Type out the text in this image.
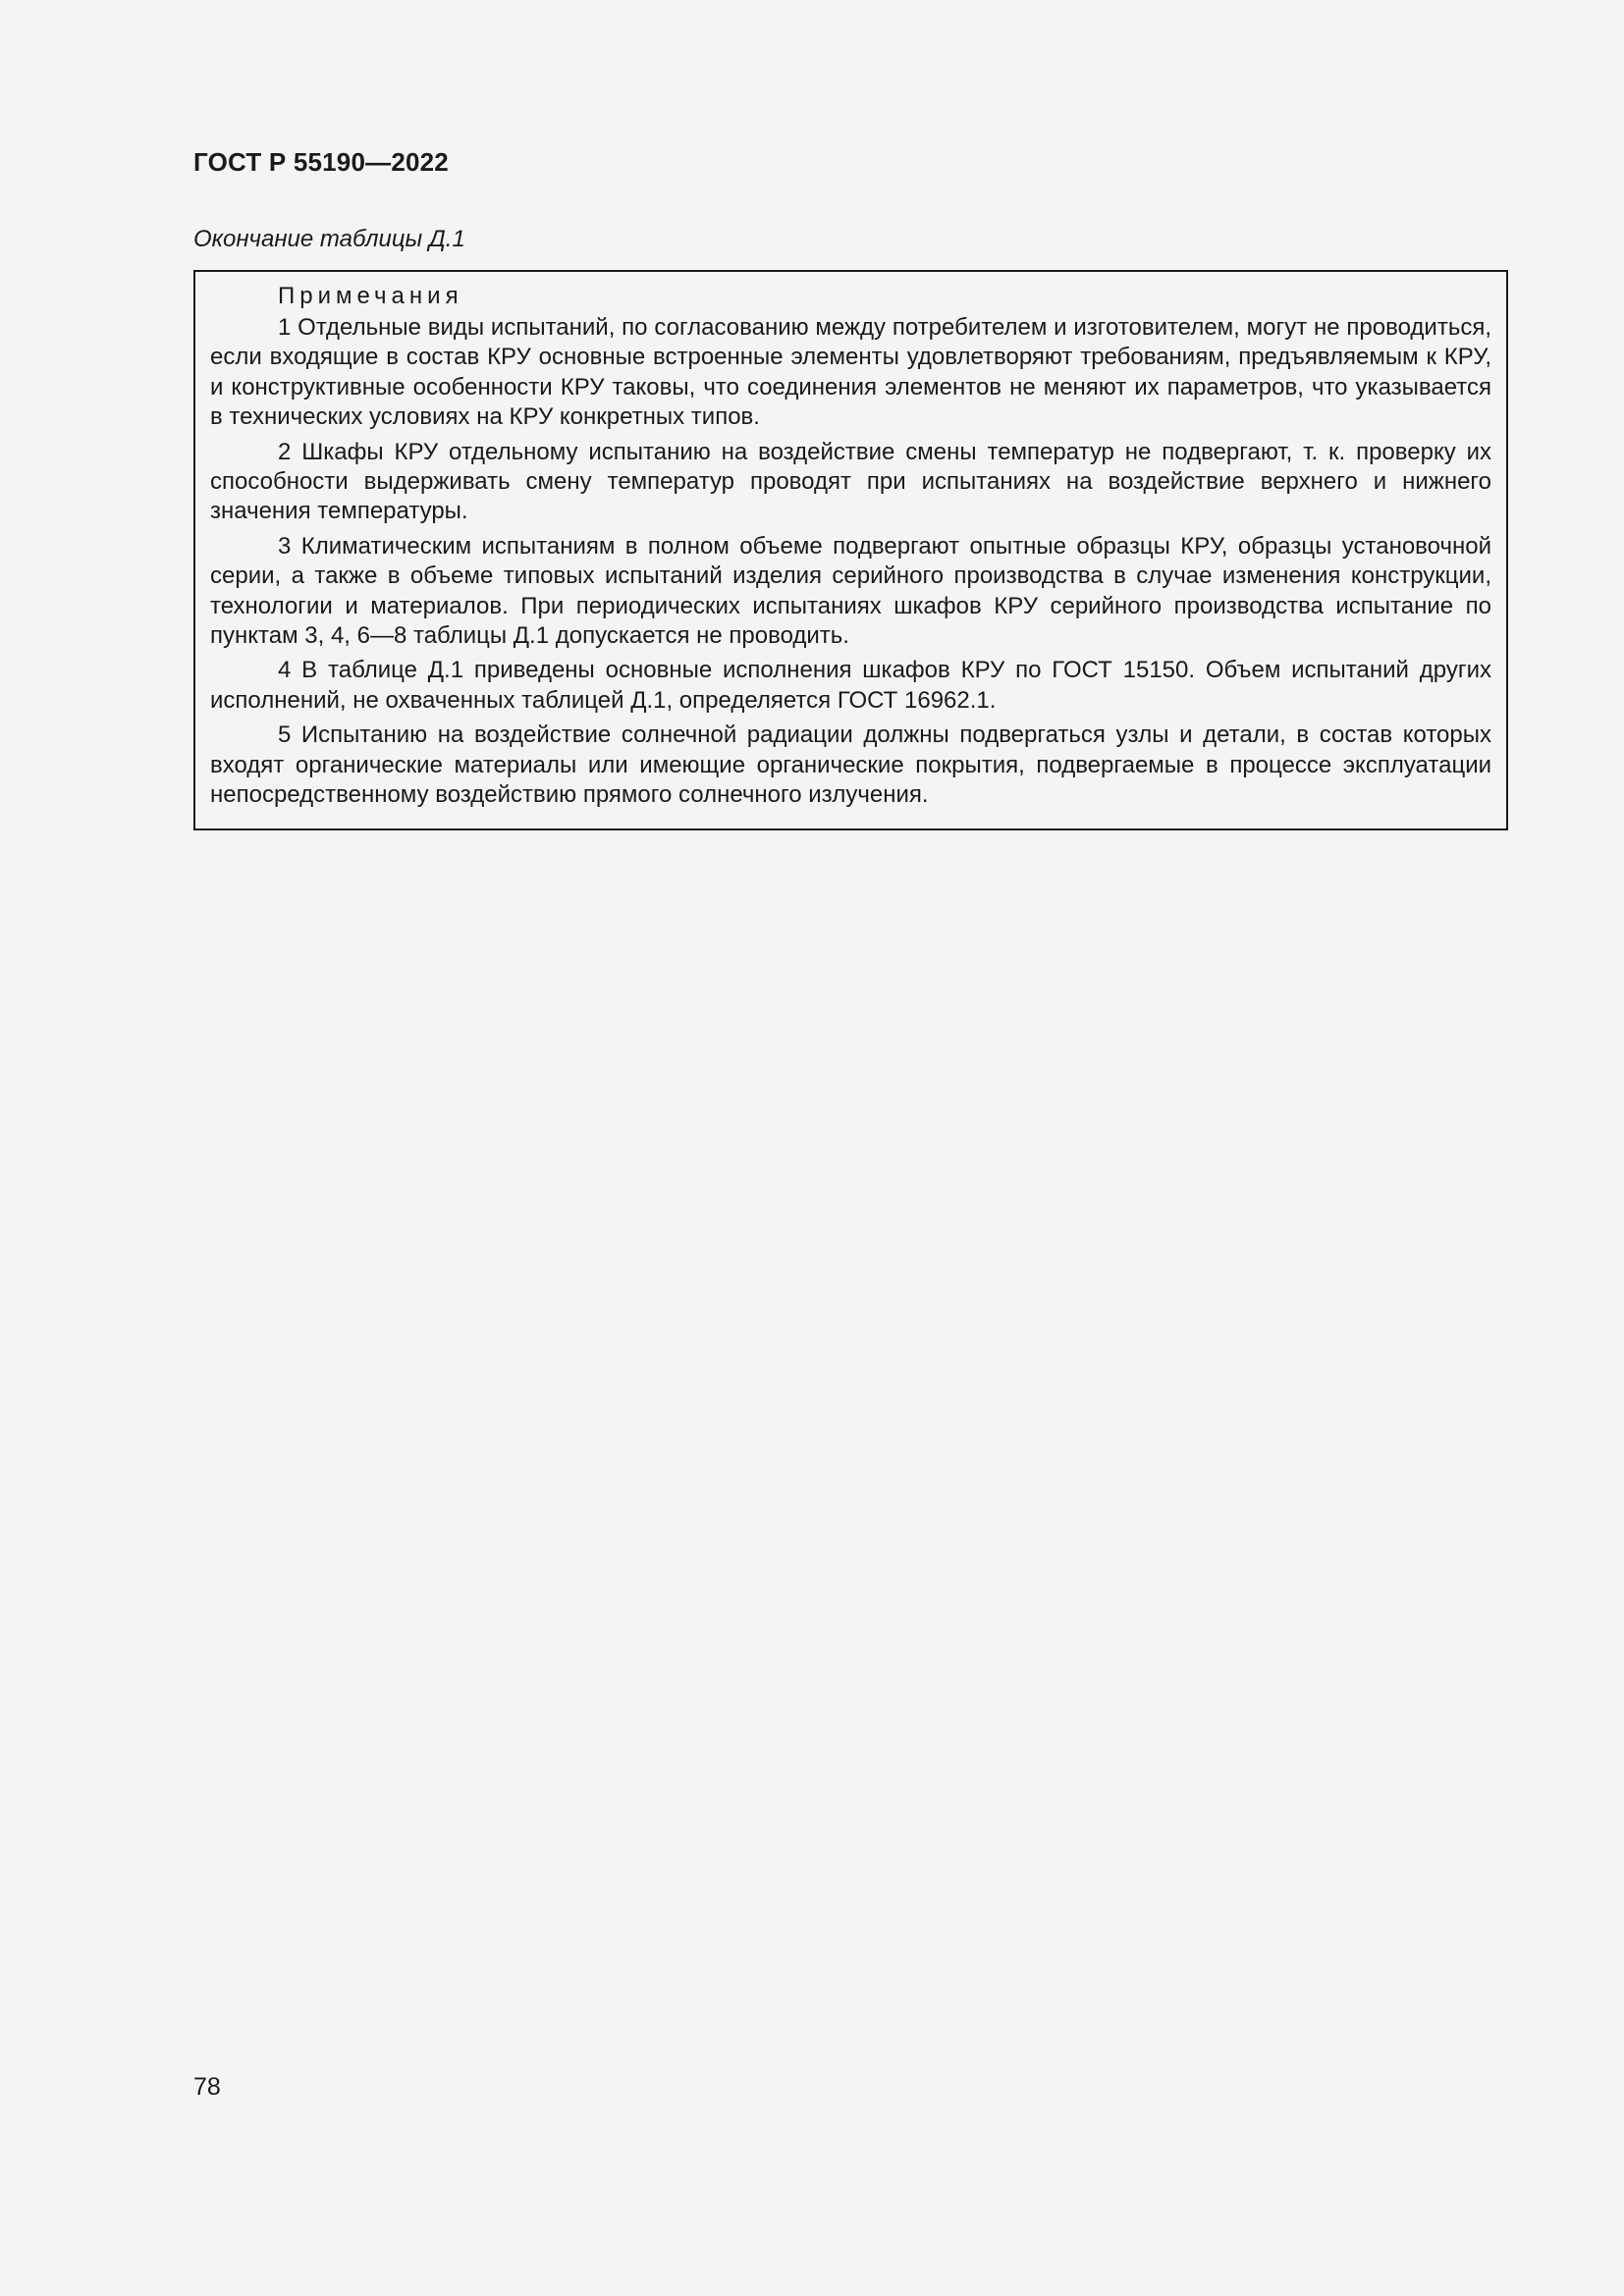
ГОСТ Р 55190—2022
Окончание таблицы Д.1

Примечания

1 Отдельные виды испытаний, по согласованию между потребителем и изготовителем, могут не проводиться, если входящие в состав КРУ основные встроенные элементы удовлетворяют требованиям, предъявляемым к КРУ, и конструктивные особенности КРУ таковы, что соединения элементов не меняют их параметров, что указывается в технических условиях на КРУ конкретных типов.

2 Шкафы КРУ отдельному испытанию на воздействие смены температур не подвергают, т. к. проверку их способности выдерживать смену температур проводят при испытаниях на воздействие верхнего и нижнего значения температуры.

3 Климатическим испытаниям в полном объеме подвергают опытные образцы КРУ, образцы установочной серии, а также в объеме типовых испытаний изделия серийного производства в случае изменения конструкции, технологии и материалов. При периодических испытаниях шкафов КРУ серийного производства испытание по пунктам 3, 4, 6—8 таблицы Д.1 допускается не проводить.

4 В таблице Д.1 приведены основные исполнения шкафов КРУ по ГОСТ 15150. Объем испытаний других исполнений, не охваченных таблицей Д.1, определяется ГОСТ 16962.1.

5 Испытанию на воздействие солнечной радиации должны подвергаться узлы и детали, в состав которых входят органические материалы или имеющие органические покрытия, подвергаемые в процессе эксплуатации непосредственному воздействию прямого солнечного излучения.

78
